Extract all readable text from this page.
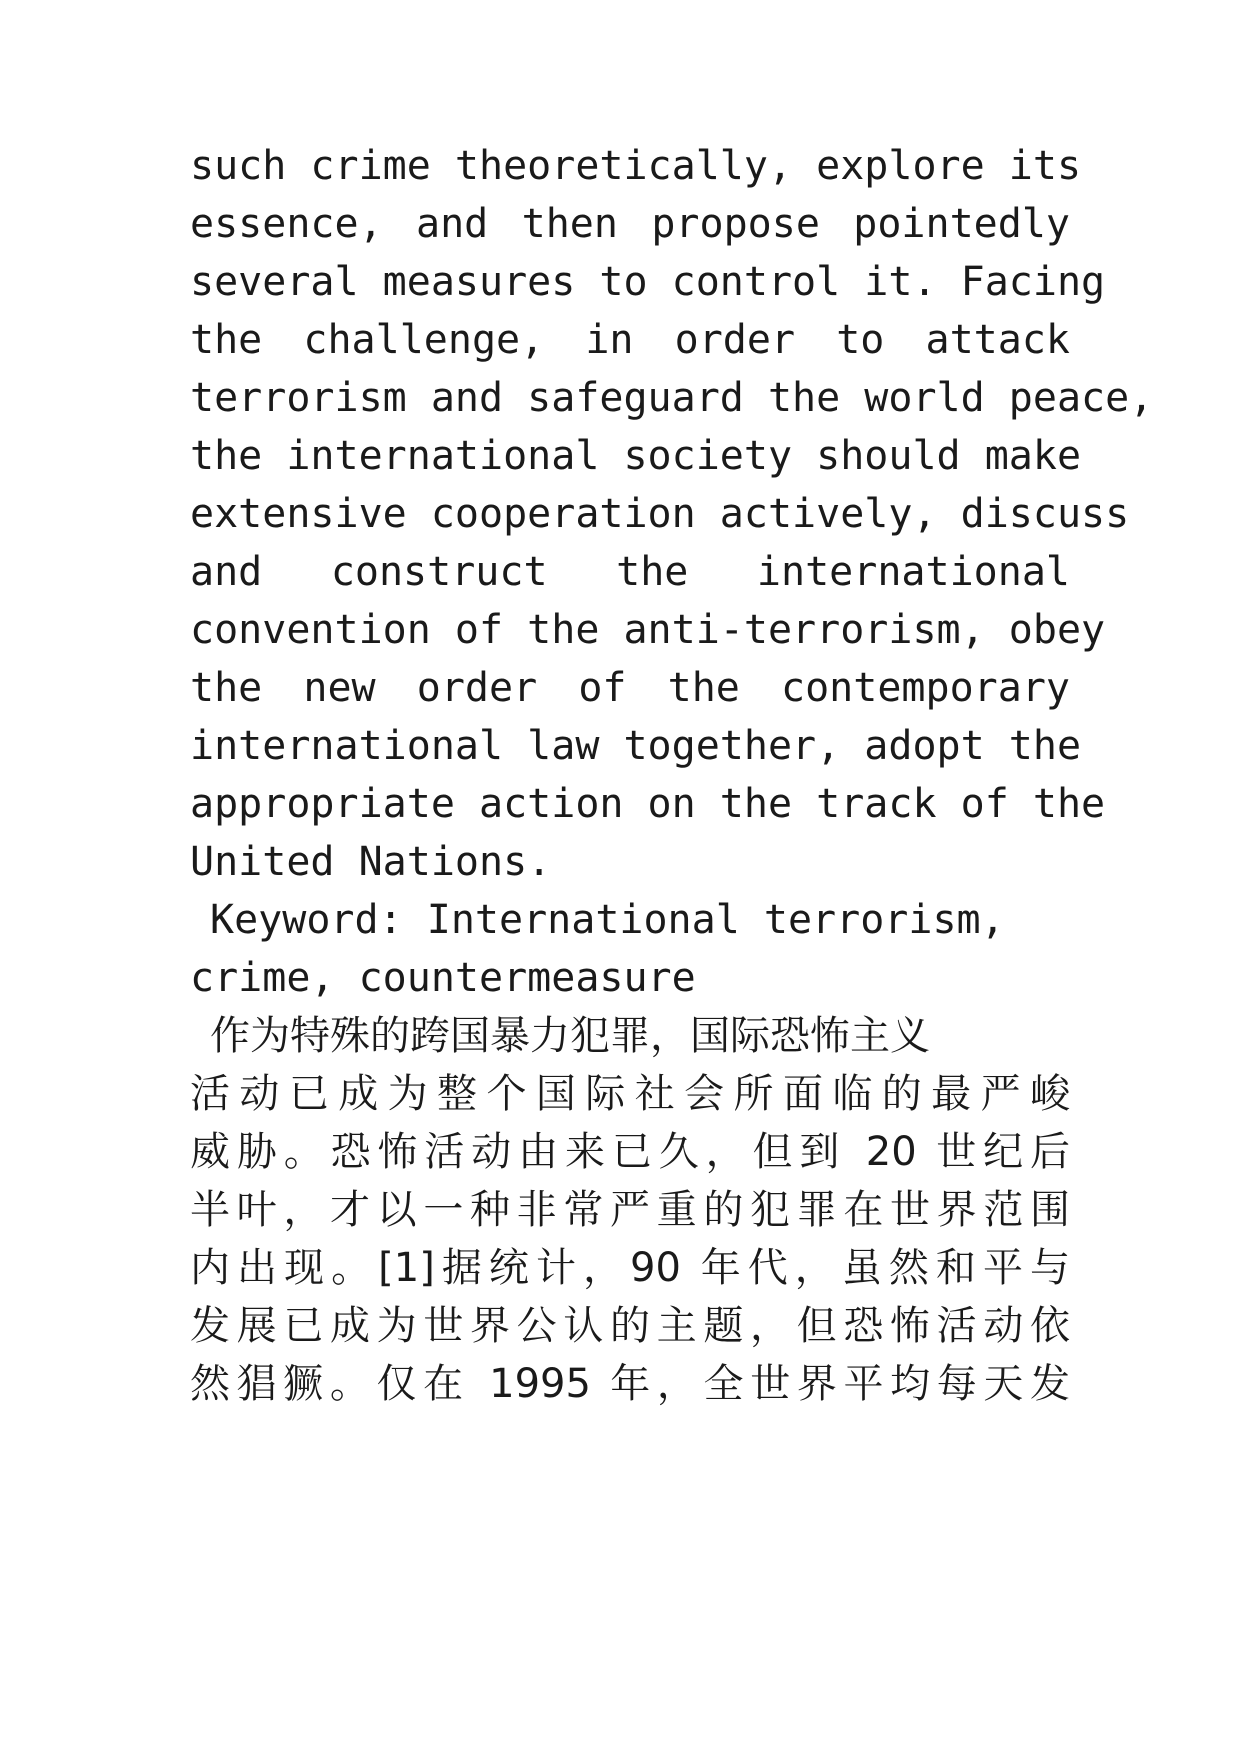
such crime theoretically, explore its
essence, and then propose pointedly
several measures to control it. Facing
the challenge, in order to attack
terrorism and safeguard the world peace,
the international society should make
extensive cooperation actively, discuss
and construct the international
convention of the anti-terrorism, obey
the new order of the contemporary
international law together, adopt the
appropriate action on the track of the
United Nations.
Keyword: International terrorism,
crime, countermeasure
作为特殊的跨国暴力犯罪，国际恐怖主义
活动已成为整个国际社会所面临的最严峻
威胁。恐怖活动由来已久，但到 20 世纪后
半叶，才以一种非常严重的犯罪在世界范围
内出现。[1]据统计，90 年代，虽然和平与
发展已成为世界公认的主题，但恐怖活动依
然猖獗。仅在 1995 年，全世界平均每天发
